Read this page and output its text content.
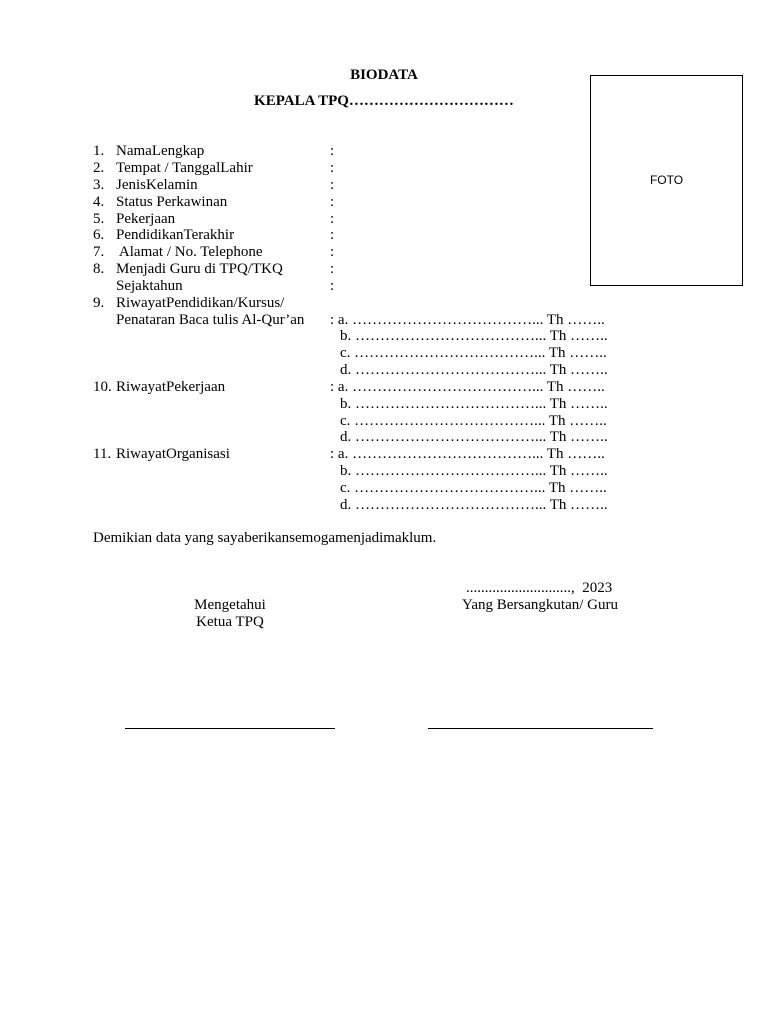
BIODATA
KEPALA TPQ……………………………
FOTO
1. NamaLengkap	:
2. Tempat / TanggalLahir	:
3. JenisKelamin	:
4. Status Perkawinan	:
5. Pekerjaan	:
6. PendidikanTerakhir	:
7. Alamat / No. Telephone	:
8. Menjadi Guru di TPQ/TKQ	:
Sejaktahun	:
9. RiwayatPendidikan/Kursus/
Penataran Baca tulis Al-Qur’an : a. ………………………………... Th ……..
b. ………………………………... Th ……..
c. ………………………………... Th ……..
d. ………………………………... Th ……..
10. RiwayatPekerjaan	: a. ………………………………... Th ……..
b. ………………………………... Th ……..
c. ………………………………... Th ……..
d. ………………………………... Th ……..
11. RiwayatOrganisasi	: a. ………………………………... Th ……..
b. ………………………………... Th ……..
c. ………………………………... Th ……..
d. ………………………………... Th ……..
Demikian data yang sayaberikansemogamenjadimaklum.
............................,  2023
Mengetahui
Ketua TPQ
Yang Bersangkutan/ Guru
